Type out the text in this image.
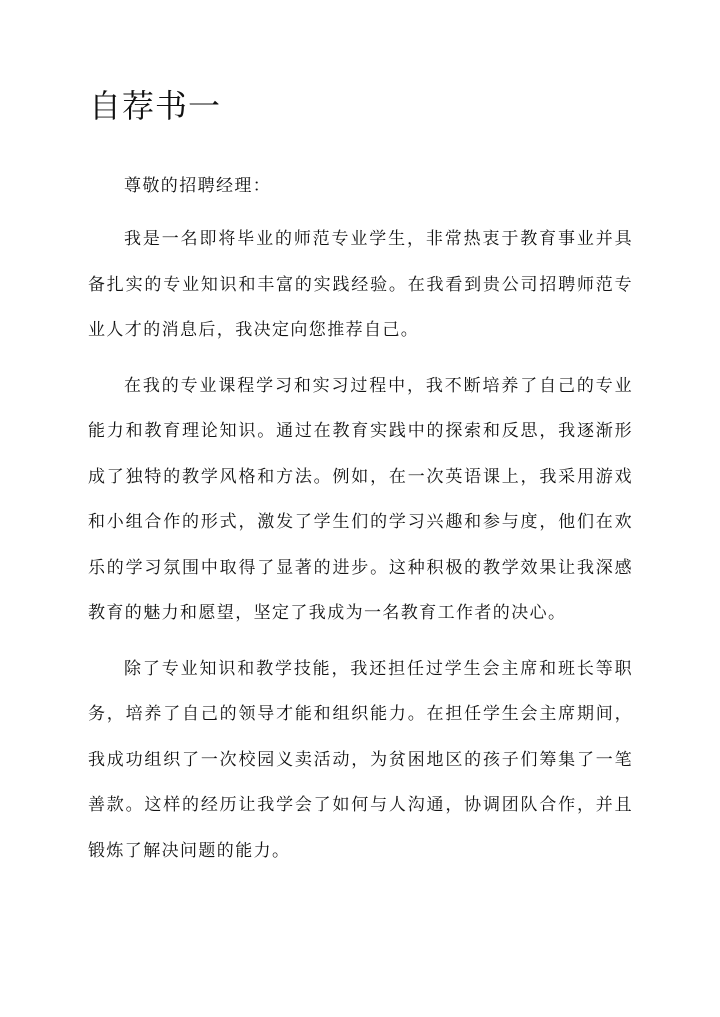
自荐书一

尊敬的招聘经理：

我是一名即将毕业的师范专业学生，非常热衷于教育事业并具备扎实的专业知识和丰富的实践经验。在我看到贵公司招聘师范专业人才的消息后，我决定向您推荐自己。

在我的专业课程学习和实习过程中，我不断培养了自己的专业能力和教育理论知识。通过在教育实践中的探索和反思，我逐渐形成了独特的教学风格和方法。例如，在一次英语课上，我采用游戏和小组合作的形式，激发了学生们的学习兴趣和参与度，他们在欢乐的学习氛围中取得了显著的进步。这种积极的教学效果让我深感教育的魅力和愿望，坚定了我成为一名教育工作者的决心。

除了专业知识和教学技能，我还担任过学生会主席和班长等职务，培养了自己的领导才能和组织能力。在担任学生会主席期间，我成功组织了一次校园义卖活动，为贫困地区的孩子们筹集了一笔善款。这样的经历让我学会了如何与人沟通，协调团队合作，并且锻炼了解决问题的能力。
